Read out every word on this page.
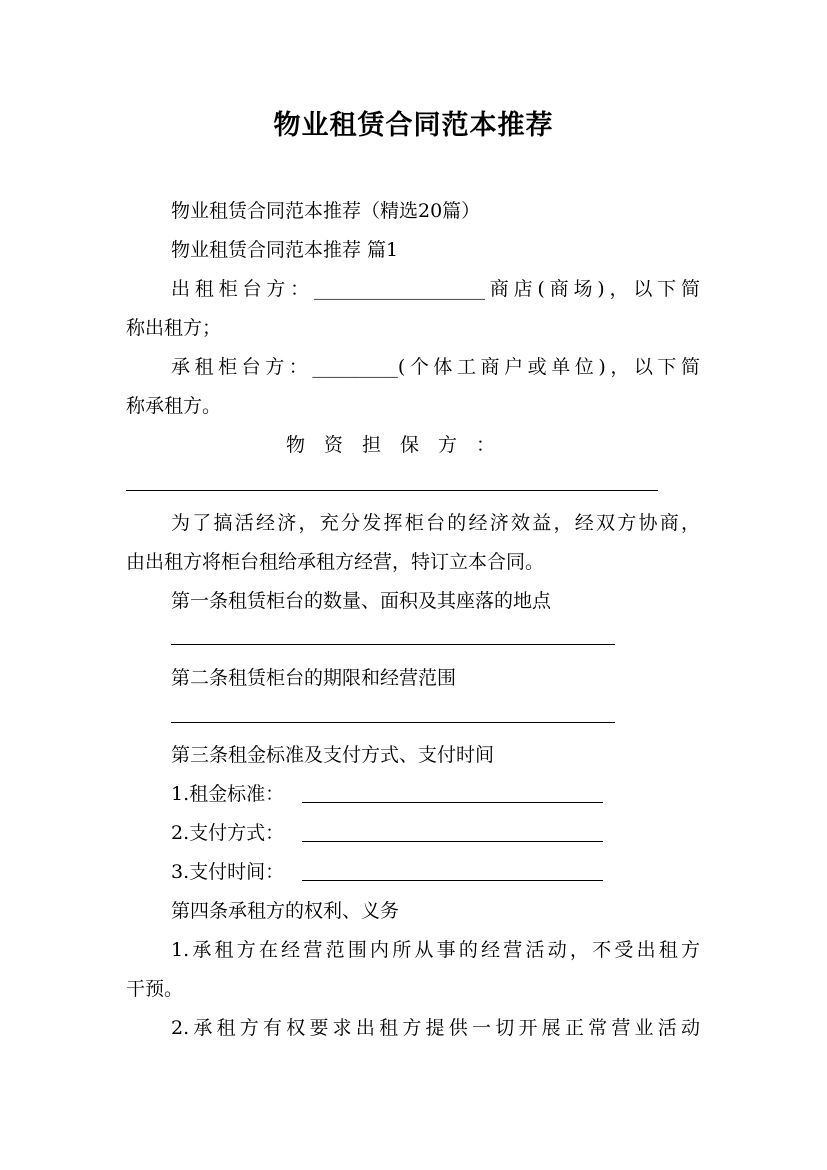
物业租赁合同范本推荐

物业租赁合同范本推荐（精选20篇）

物业租赁合同范本推荐 篇1

出租柜台方：__________________商店(商场)，以下简

称出租方；

承租柜台方：_________(个体工商户或单位)，以下简

称承租方。

物　资　担　保　方　：

为了搞活经济，充分发挥柜台的经济效益，经双方协商，

由出租方将柜台租给承租方经营，特订立本合同。

第一条租赁柜台的数量、面积及其座落的地点

第二条租赁柜台的期限和经营范围

第三条租金标准及支付方式、支付时间

1.租金标准：

2.支付方式：

3.支付时间：

第四条承租方的权利、义务

1.承租方在经营范围内所从事的经营活动，不受出租方

干预。

2.承租方有权要求出租方提供一切开展正常营业活动
